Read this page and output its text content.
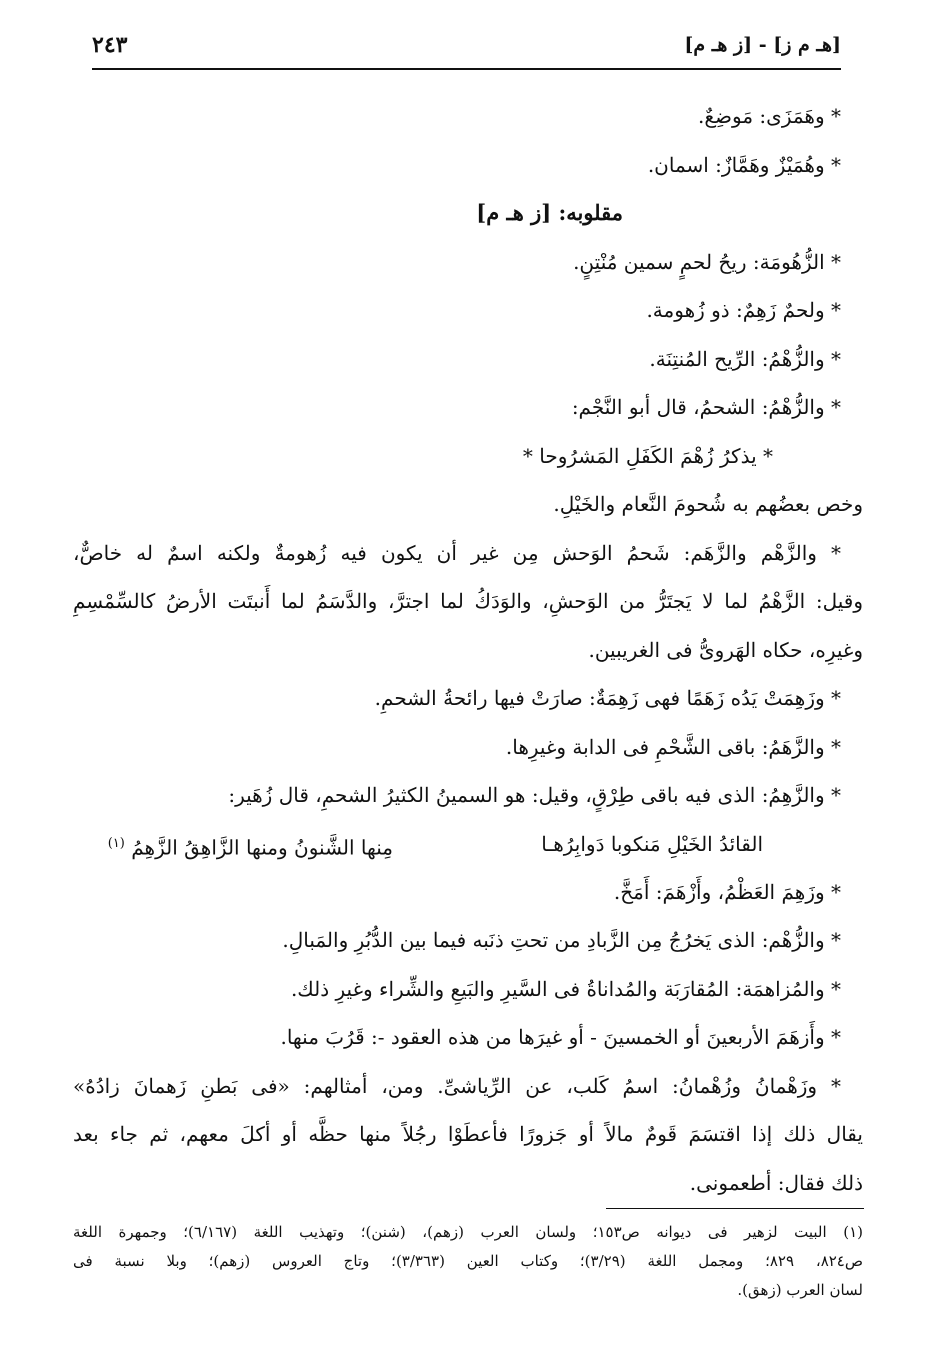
[هـ م ز] - [ز هـ م]
٢٤٣
* وهَمَزَى: مَوضِعٌ.
* وهُمَيْزٌ وهَمَّازٌ: اسمان.
مقلوبه: [ز هـ م]
* الزُّهُومَة: ريحُ لحمٍ سمين مُنْتِنٍ.
* ولحمٌ زَهِمٌ: ذو زُهومة.
* والزُّهْمُ: الرِّيح المُنتِنَة.
* والزُّهْمُ: الشحمُ، قال أبو النَّجْم:
* يذكرُ زُهْمَ الكَفَلِ المَشرُوحا *
وخص بعضُهم به شُحومَ النَّعام والخَيْلِ.
* والزَّهْم والزَّهَم: شَحمُ الوَحش مِن غير أن يكون فيه زُهومةٌ ولكنه اسمٌ له خاصٌّ،
وقيل: الزَّهْمُ لما لا يَجتَرُّ من الوَحشِ، والوَدَكُ لما اجترَّ، والدَّسَمُ لما أَنبتَت الأرضُ كالسِّمْسِمِ
وغيرِه، حكاه الهَروىُّ فى الغريبين.
* وزَهِمَتْ يَدُه زَهَمًا فهى زَهِمَةٌ: صارَتْ فيها رائحةُ الشحمِ.
* والزَّهَمُ: باقى الشَّحْمِ فى الدابة وغيرِها.
* والزَّهِمُ: الذى فيه باقى طِرْقٍ، وقيل: هو السمينُ الكثيرُ الشحمِ، قال زُهَير:
القائدُ الخَيْلِ مَنكوبا دَوابِرُهـا
مِنها الشَّنونُ ومنها الزَّاهِقُ الزَّهِمُ $^{(١)}$
* وزَهِمَ العَظْمُ، وأَزْهَمَ: أَمَخَّ.
* والزُّهْم: الذى يَخرُجُ مِن الزَّبادِ من تحتِ ذنَبه فيما بين الدُّبُرِ والمَبالِ.
* والمُزاهمَة: المُقارَبَة والمُداناةُ فى السَّيرِ والبَيعِ والشِّراء وغيرِ ذلك.
* وأَزهَمَ الأربعينَ أو الخمسينَ - أو غيرَها من هذه العقود -: قَرُبَ منها.
* وزَهْمانُ وزُهْمانُ: اسمُ كَلب، عن الرِّياشىِّ. ومن، أمثالهم: «فى بَطنِ زَهمانَ زادُهُ»
يقال ذلك إذا اقتسَمَ قَومٌ مالاً أو جَزورًا فأعطَوْا رجُلاً منها حظَّه أو أكلَ معهم، ثم جاء بعد
ذلك فقال: أطعمونى.
(١) البيت لزهير فى ديوانه ص١٥٣؛ ولسان العرب (زهم)، (شنن)؛ وتهذيب اللغة (٦/١٦٧)؛ وجمهرة اللغة
ص٨٢٤، ٨٢٩؛ ومجمل اللغة (٣/٢٩)؛ وكتاب العين (٣/٣٦٣)؛ وتاج العروس (زهم)؛ وبلا نسبة فى
لسان العرب (زهق).
